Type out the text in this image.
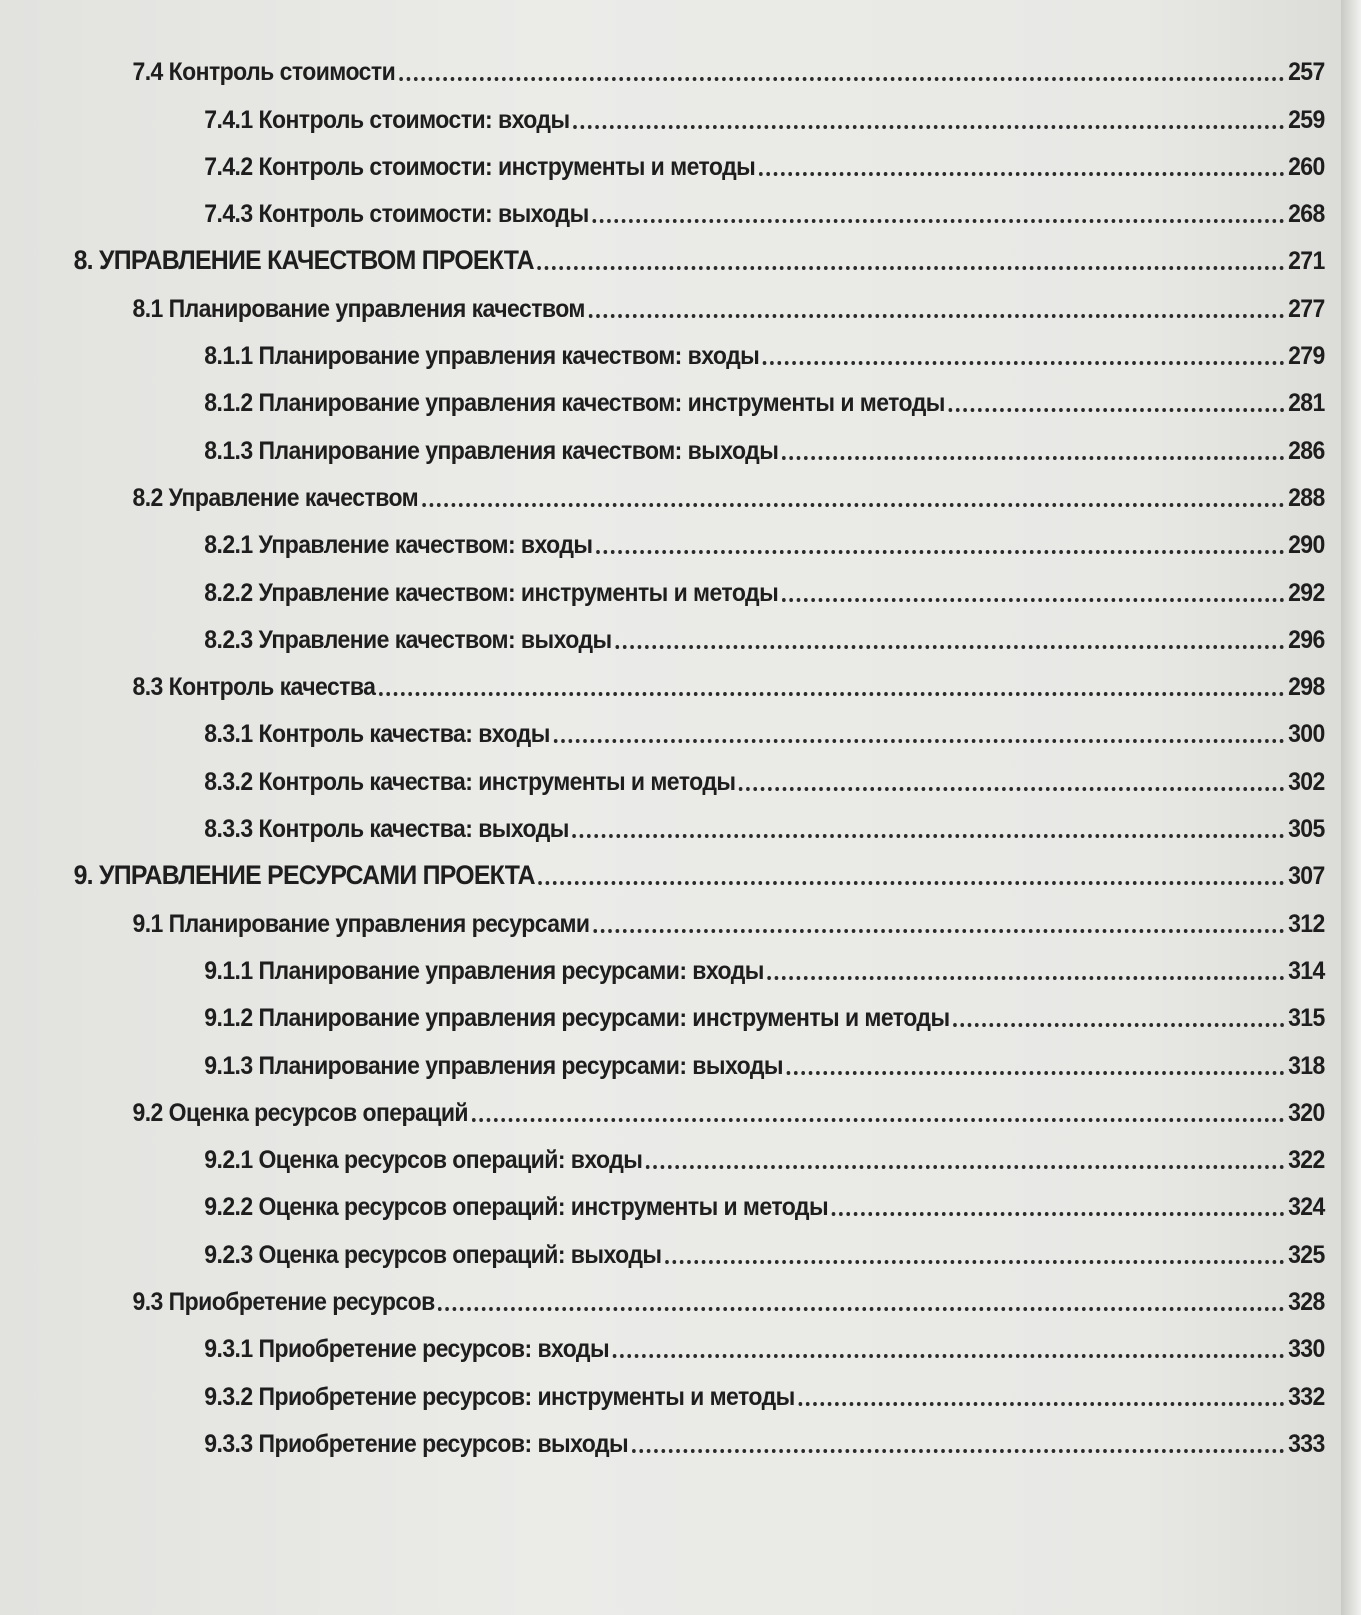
7.4 Контроль стоимости	257
7.4.1 Контроль стоимости: входы	259
7.4.2 Контроль стоимости: инструменты и методы	260
7.4.3 Контроль стоимости: выходы	268
8. УПРАВЛЕНИЕ КАЧЕСТВОМ ПРОЕКТА	271
8.1 Планирование управления качеством	277
8.1.1 Планирование управления качеством: входы	279
8.1.2 Планирование управления качеством: инструменты и методы	281
8.1.3 Планирование управления качеством: выходы	286
8.2 Управление качеством	288
8.2.1 Управление качеством: входы	290
8.2.2 Управление качеством: инструменты и методы	292
8.2.3 Управление качеством: выходы	296
8.3 Контроль качества	298
8.3.1 Контроль качества: входы	300
8.3.2 Контроль качества: инструменты и методы	302
8.3.3 Контроль качества: выходы	305
9. УПРАВЛЕНИЕ РЕСУРСАМИ ПРОЕКТА	307
9.1 Планирование управления ресурсами	312
9.1.1 Планирование управления ресурсами: входы	314
9.1.2 Планирование управления ресурсами: инструменты и методы	315
9.1.3 Планирование управления ресурсами: выходы	318
9.2 Оценка ресурсов операций	320
9.2.1 Оценка ресурсов операций: входы	322
9.2.2 Оценка ресурсов операций: инструменты и методы	324
9.2.3 Оценка ресурсов операций: выходы	325
9.3 Приобретение ресурсов	328
9.3.1 Приобретение ресурсов: входы	330
9.3.2 Приобретение ресурсов: инструменты и методы	332
9.3.3 Приобретение ресурсов: выходы	333
